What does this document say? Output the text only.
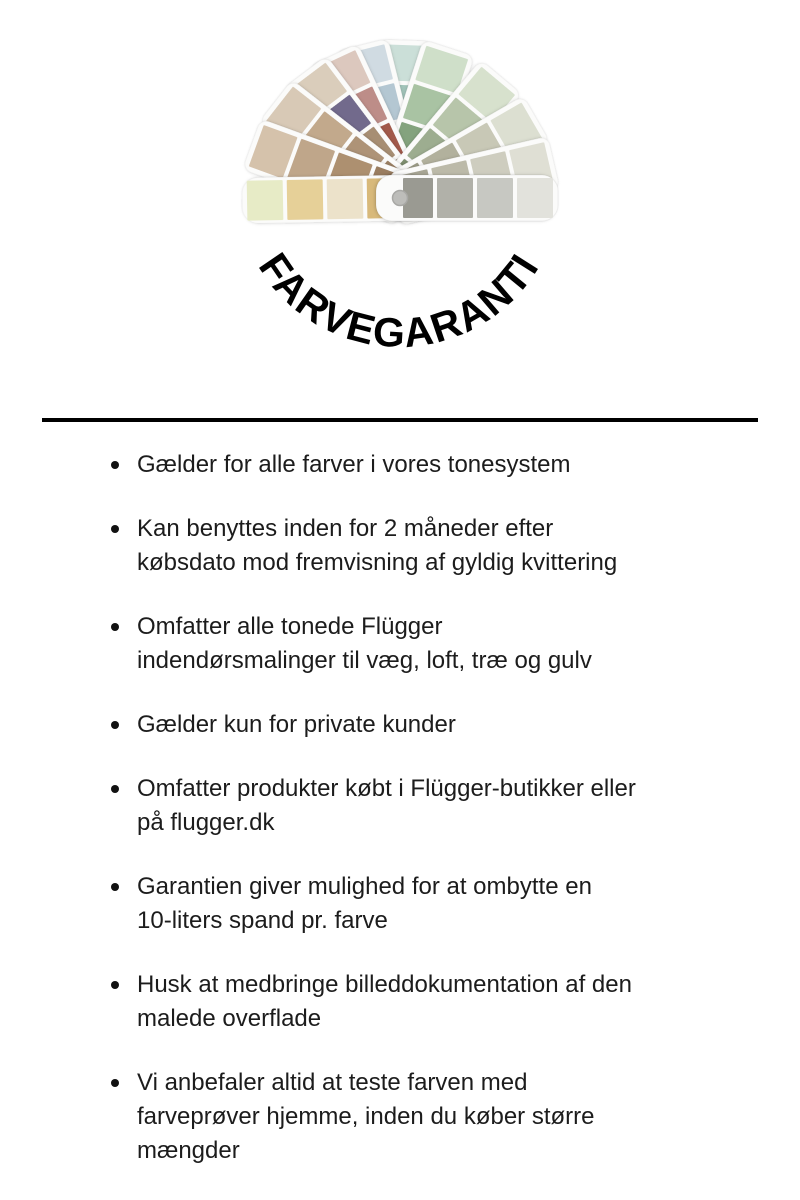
FARVEGARANTI
Gælder for alle farver i vores tonesystem
Kan benyttes inden for 2 måneder efter
købsdato mod fremvisning af gyldig kvittering
Omfatter alle tonede Flügger
indendørsmalinger til væg, loft, træ og gulv
Gælder kun for private kunder
Omfatter produkter købt i Flügger-butikker eller
på flugger.dk
Garantien giver mulighed for at ombytte en
10-liters spand pr. farve
Husk at medbringe billeddokumentation af den
malede overflade
Vi anbefaler altid at teste farven med
farveprøver hjemme, inden du køber større
mængder
